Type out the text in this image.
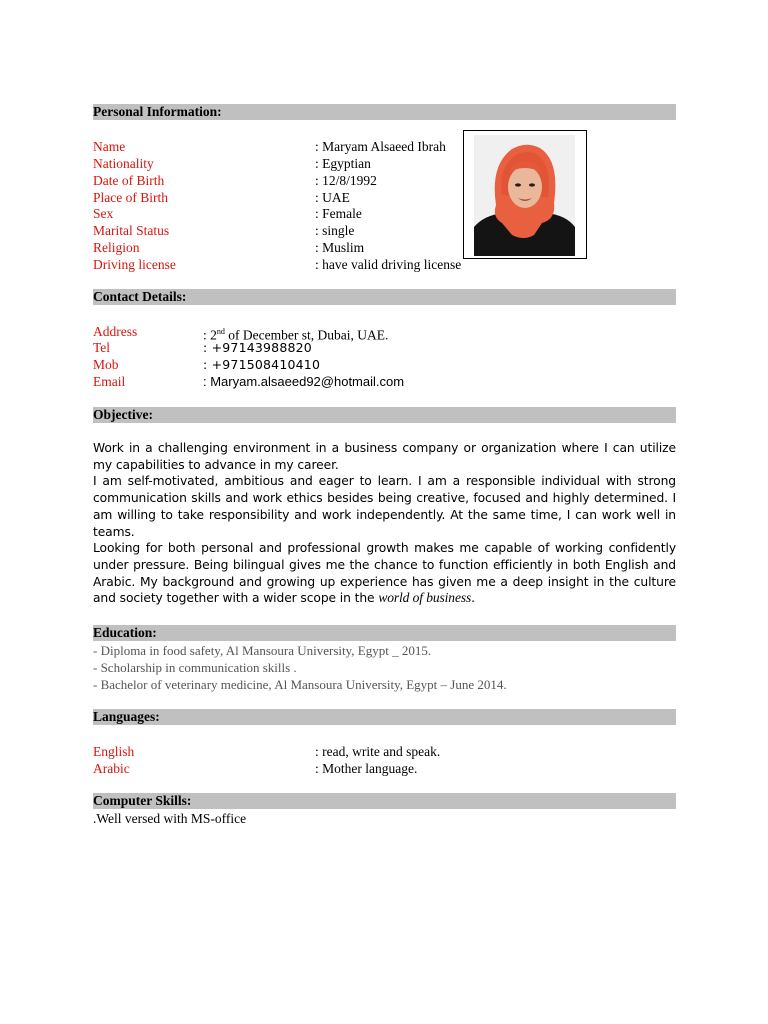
Personal Information:
Name	: Maryam Alsaeed Ibrah
Nationality	: Egyptian
Date of Birth	: 12/8/1992
Place of Birth	: UAE
Sex	: Female
Marital Status	: single
Religion	: Muslim
Driving license	: have valid driving license
Contact Details:
Address	: 2nd of December st, Dubai, UAE.
Tel	: +97143988820
Mob	: +971508410410
Email	: Maryam.alsaeed92@hotmail.com
Objective:

Work in a challenging environment in a business company or organization where I can utilize my capabilities to advance in my career.

I am self-motivated, ambitious and eager to learn. I am a responsible individual with strong communication skills and work ethics besides being creative, focused and highly determined. I am willing to take responsibility and work independently. At the same time, I can work well in teams.

Looking for both personal and professional growth makes me capable of working confidently under pressure. Being bilingual gives me the chance to function efficiently in both English and Arabic. My background and growing up experience has given me a deep insight in the culture and society together with a wider scope in the world of business.

Education:
- Diploma in food safety, Al Mansoura University, Egypt _ 2015.
- Scholarship in communication skills .
- Bachelor of veterinary medicine, Al Mansoura University, Egypt – June 2014.
Languages:
English	: read, write and speak.
Arabic	: Mother language.
Computer Skills:
.Well versed with MS-office
